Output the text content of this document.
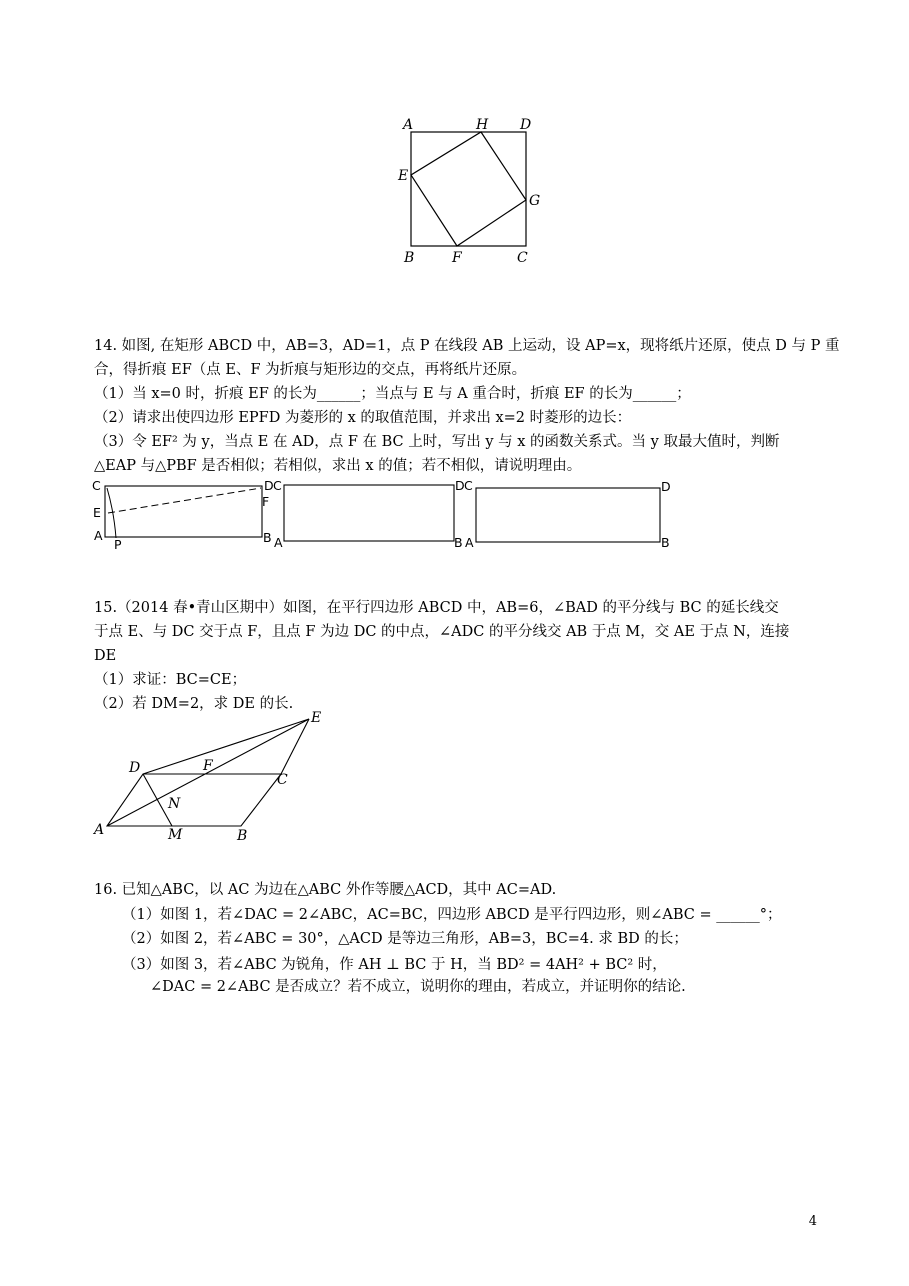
A	H D
E
G
B	F	C
14. 如图, 在矩形 ABCD 中，AB=3，AD=1，点 P 在线段 AB 上运动，设 AP=x，现将纸片还原，使点 D 与 P 重
合，得折痕 EF（点 E、F 为折痕与矩形边的交点，再将纸片还原。
（1）当 x=0 时，折痕 EF 的长为______；当点与 E 与 A 重合时，折痕 EF 的长为______；
（2）请求出使四边形 EPFD 为菱形的 x 的取值范围，并求出 x=2 时菱形的边长：
（3）令 EF² 为 y，当点 E 在 AD，点 F 在 BC 上时，写出 y 与 x 的函数关系式。当 y 取最大值时，判断
△EAP 与△PBF 是否相似；若相似，求出 x 的值；若不相似，请说明理由。
C	D
E
F
A
P	B
C
A
D
B
C
A
D
B
15.（2014 春•青山区期中）如图，在平行四边形 ABCD 中，AB=6，∠BAD 的平分线与 BC 的延长线交
于点 E、与 DC 交于点 F，且点 F 为边 DC 的中点，∠ADC 的平分线交 AB 于点 M，交 AE 于点 N，连接
DE
（1）求证：BC=CE；
（2）若 DM=2，求 DE 的长.
E
D	F
C
N
A	M	B
16. 已知△ABC，以 AC 为边在△ABC 外作等腰△ACD，其中 AC=AD.
（1）如图 1，若∠DAC = 2∠ABC，AC=BC，四边形 ABCD 是平行四边形，则∠ABC = ______°；
（2）如图 2，若∠ABC = 30°，△ACD 是等边三角形，AB=3，BC=4. 求 BD 的长；
（3）如图 3，若∠ABC 为锐角，作 AH ⊥ BC 于 H，当 BD² = 4AH² + BC² 时，
∠DAC = 2∠ABC 是否成立？若不成立，说明你的理由，若成立，并证明你的结论.
4
